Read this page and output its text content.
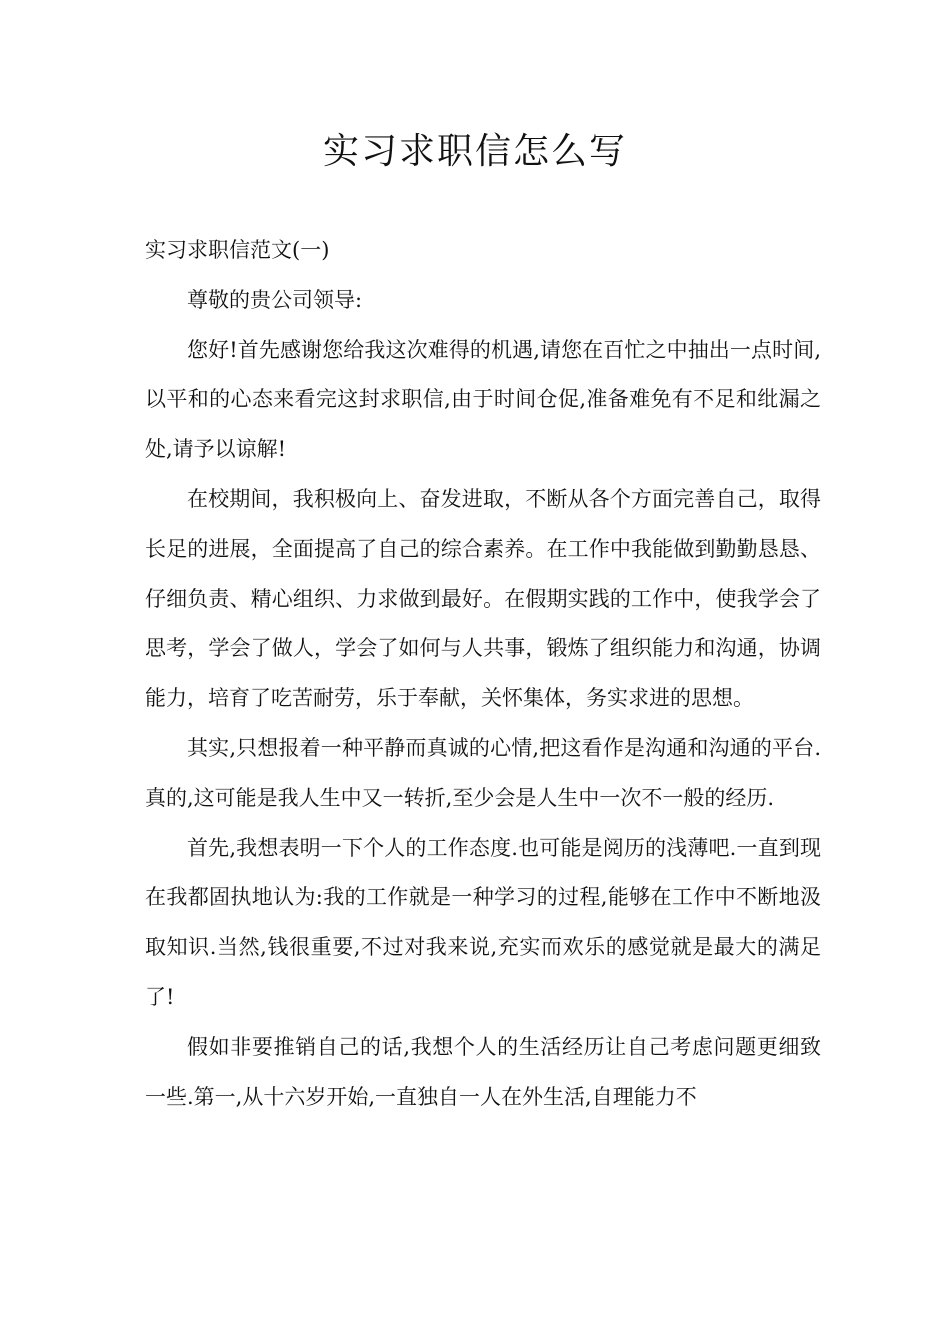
实习求职信怎么写

实习求职信范文(一)

尊敬的贵公司领导:

您好!首先感谢您给我这次难得的机遇,请您在百忙之中抽出一点时间,以平和的心态来看完这封求职信,由于时间仓促,准备难免有不足和纰漏之处,请予以谅解!

在校期间，我积极向上、奋发进取，不断从各个方面完善自己，取得长足的进展，全面提高了自己的综合素养。在工作中我能做到勤勤恳恳、仔细负责、精心组织、力求做到最好。在假期实践的工作中，使我学会了思考，学会了做人，学会了如何与人共事，锻炼了组织能力和沟通，协调能力，培育了吃苦耐劳，乐于奉献，关怀集体，务实求进的思想。

其实,只想报着一种平静而真诚的心情,把这看作是沟通和沟通的平台.真的,这可能是我人生中又一转折,至少会是人生中一次不一般的经历.

首先,我想表明一下个人的工作态度.也可能是阅历的浅薄吧.一直到现在我都固执地认为:我的工作就是一种学习的过程,能够在工作中不断地汲取知识.当然,钱很重要,不过对我来说,充实而欢乐的感觉就是最大的满足了!

假如非要推销自己的话,我想个人的生活经历让自己考虑问题更细致一些.第一,从十六岁开始,一直独自一人在外生活,自理能力不
